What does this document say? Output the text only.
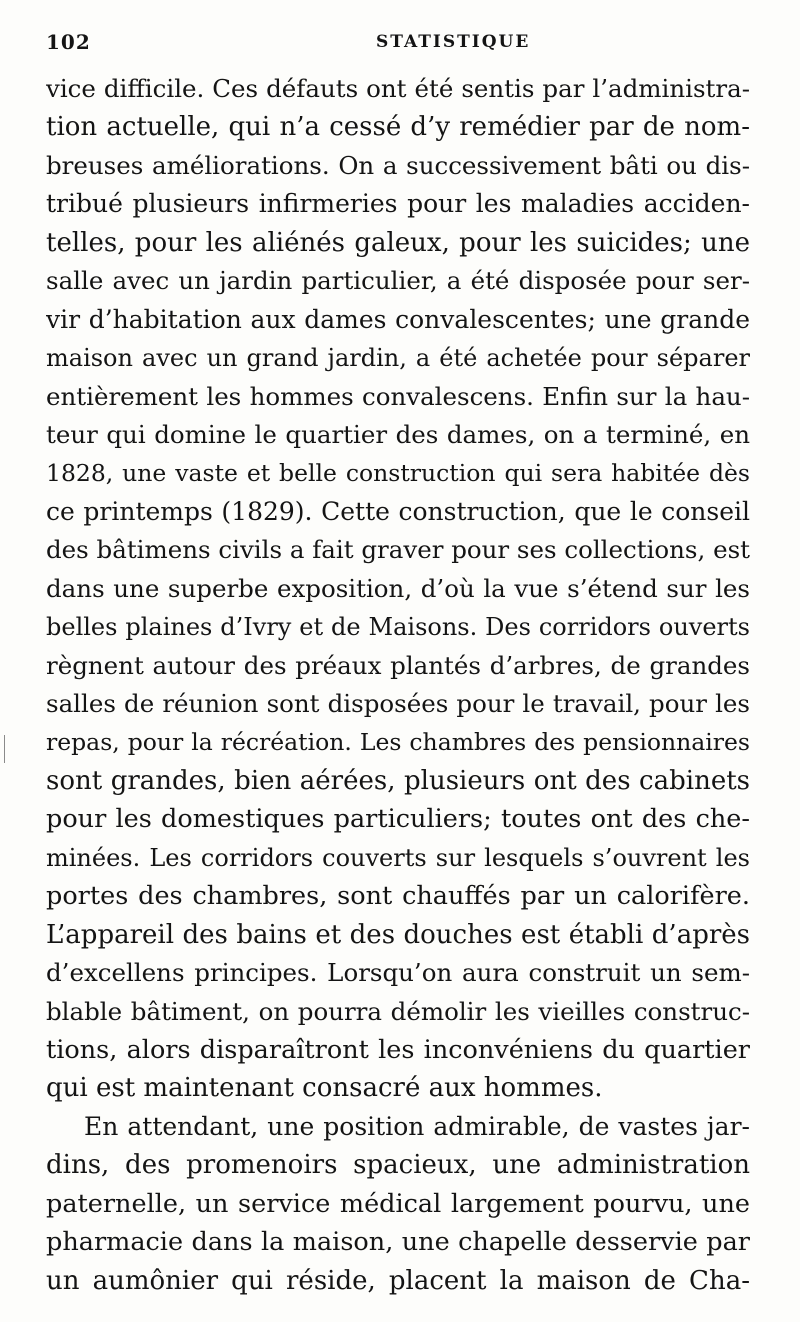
102	STATISTIQUE
vice difficile. Ces défauts ont été sentis par l’administra-
tion actuelle, qui n’a cessé d’y remédier par de nom-
breuses améliorations. On a successivement bâti ou dis-
tribué plusieurs infirmeries pour les maladies acciden-
telles, pour les aliénés galeux, pour les suicides; une
salle avec un jardin particulier, a été disposée pour ser-
vir d’habitation aux dames convalescentes; une grande
maison avec un grand jardin, a été achetée pour séparer
entièrement les hommes convalescens. Enfin sur la hau-
teur qui domine le quartier des dames, on a terminé, en
1828, une vaste et belle construction qui sera habitée dès
ce printemps (1829). Cette construction, que le conseil
des bâtimens civils a fait graver pour ses collections, est
dans une superbe exposition, d’où la vue s’étend sur les
belles plaines d’Ivry et de Maisons. Des corridors ouverts
règnent autour des préaux plantés d’arbres, de grandes
salles de réunion sont disposées pour le travail, pour les
repas, pour la récréation. Les chambres des pensionnaires
sont grandes, bien aérées, plusieurs ont des cabinets
pour les domestiques particuliers; toutes ont des che-
minées. Les corridors couverts sur lesquels s’ouvrent les
portes des chambres, sont chauffés par un calorifère.
L’appareil des bains et des douches est établi d’après
d’excellens principes. Lorsqu’on aura construit un sem-
blable bâtiment, on pourra démolir les vieilles construc-
tions, alors disparaîtront les inconvéniens du quartier
qui est maintenant consacré aux hommes.
En attendant, une position admirable, de vastes jar-
dins, des promenoirs spacieux, une administration
paternelle, un service médical largement pourvu, une
pharmacie dans la maison, une chapelle desservie par
un aumônier qui réside, placent la maison de Cha-
